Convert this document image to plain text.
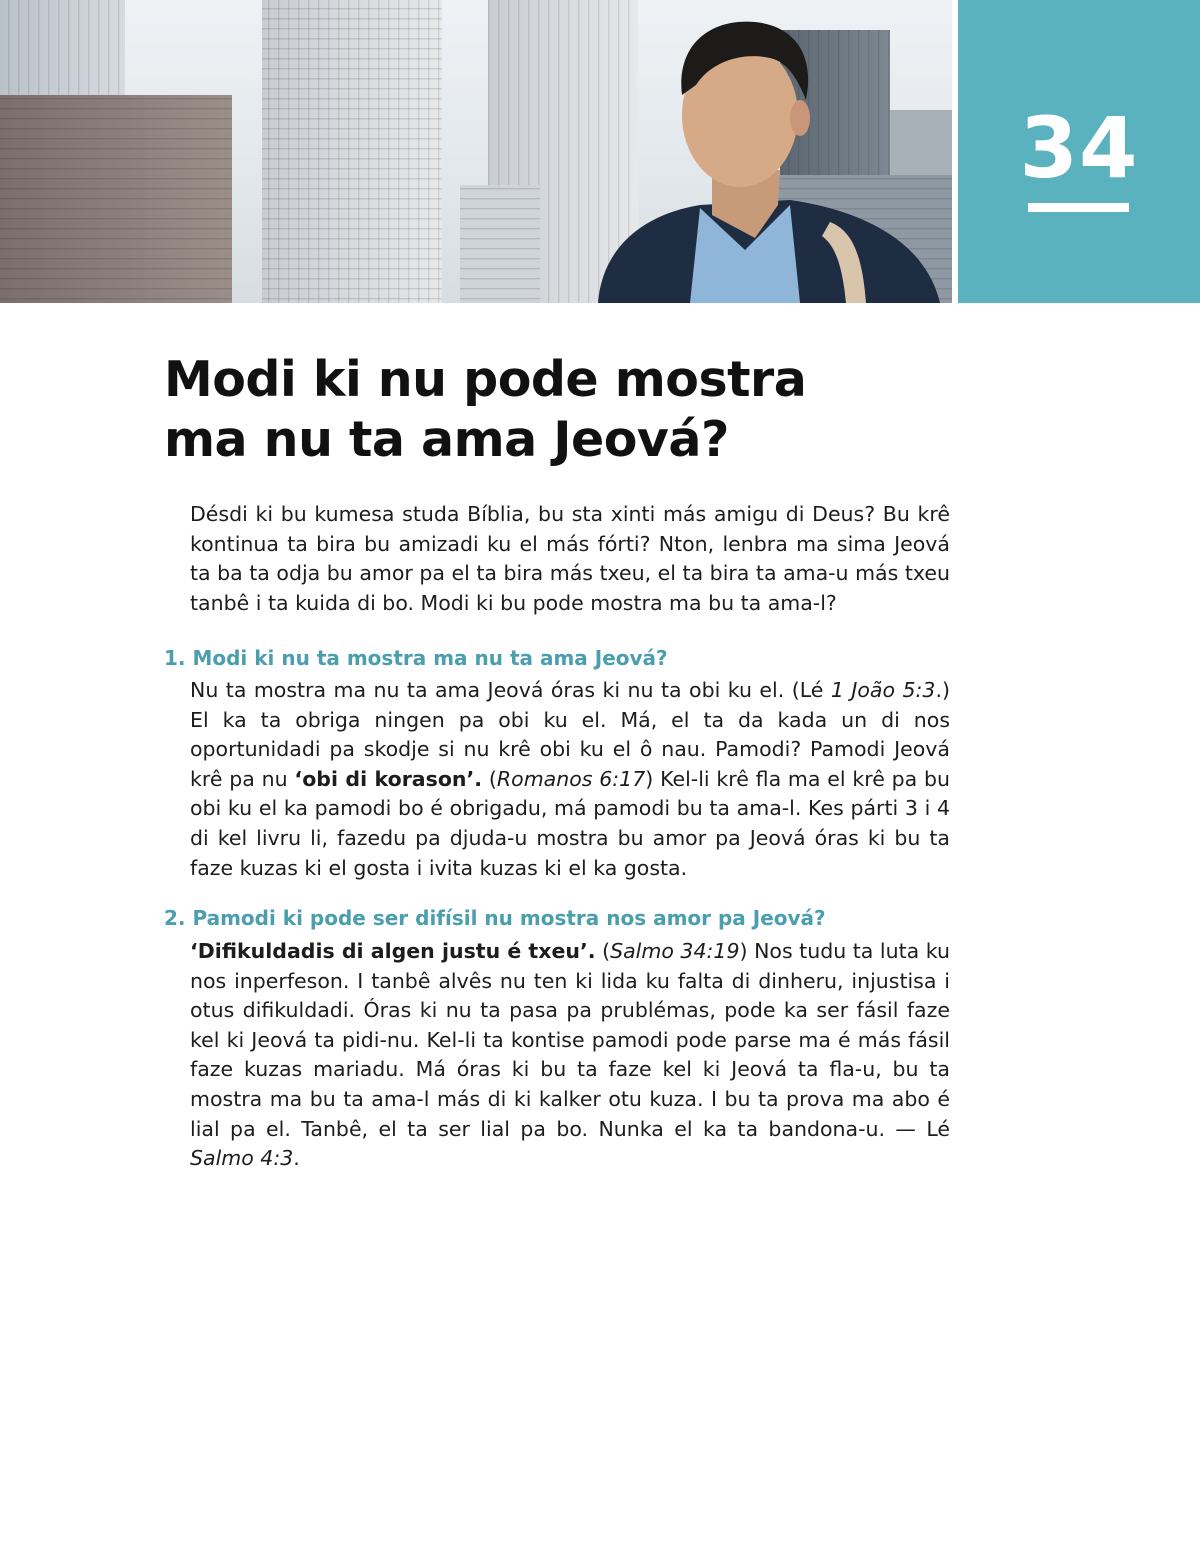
34
Modi ki nu pode mostra
ma nu ta ama Jeová?

Désdi ki bu kumesa studa Bíblia, bu sta xinti más amigu di Deus? Bu krê kontinua ta bira bu amizadi ku el más fórti? Nton, lenbra ma sima Jeová ta ba ta odja bu amor pa el ta bira más txeu, el ta bira ta ama-u más txeu tanbê i ta kuida di bo. Modi ki bu pode mostra ma bu ta ama-l?

1. Modi ki nu ta mostra ma nu ta ama Jeová?

Nu ta mostra ma nu ta ama Jeová óras ki nu ta obi ku el. (Lé 1 João 5:3.) El ka ta obriga ningen pa obi ku el. Má, el ta da kada un di nos oportunidadi pa skodje si nu krê obi ku el ô nau. Pamodi? Pamodi Jeová krê pa nu ‘obi di korason’. (Romanos 6:17) Kel-li krê fla ma el krê pa bu obi ku el ka pamodi bo é obrigadu, má pamodi bu ta ama-l. Kes párti 3 i 4 di kel livru li, fazedu pa djuda-u mostra bu amor pa Jeová óras ki bu ta faze kuzas ki el gosta i ivita kuzas ki el ka gosta.

2. Pamodi ki pode ser difísil nu mostra nos amor pa Jeová?

‘Difikuldadis di algen justu é txeu’. (Salmo 34:19) Nos tudu ta luta ku nos inperfeson. I tanbê alvês nu ten ki lida ku falta di dinheru, injustisa i otus difikuldadi. Óras ki nu ta pasa pa prublémas, pode ka ser fásil faze kel ki Jeová ta pidi-nu. Kel-li ta kontise pamodi pode parse ma é más fásil faze kuzas mariadu. Má óras ki bu ta faze kel ki Jeová ta fla-u, bu ta mostra ma bu ta ama-l más di ki kalker otu kuza. I bu ta prova ma abo é lial pa el. Tanbê, el ta ser lial pa bo. Nunka el ka ta bandona-u. — Lé Salmo 4:3.
